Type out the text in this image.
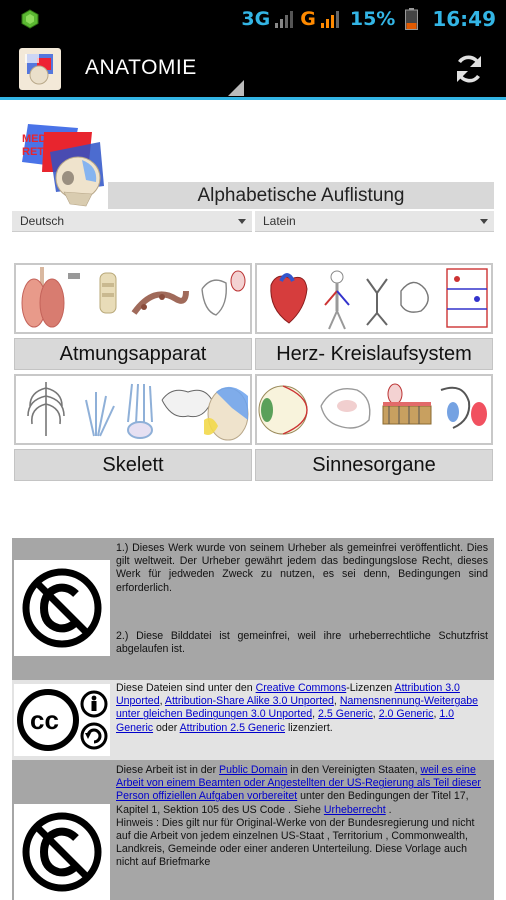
3G G 15% 16:49
ANATOMIE
MED
RETT
Alphabetische Auflistung
Deutsch	Latein
Atmungsapparat	Herz- Kreislaufsystem
Skelett	Sinnesorgane
1.) Dieses Werk wurde von seinem Urheber als gemeinfrei veröffentlicht. Dies gilt weltweit. Der Urheber gewährt jedem das bedingungslose Recht, dieses Werk für jedweden Zweck zu nutzen, es sei denn, Bedingungen sind erforderlich.
2.) Diese Bilddatei ist gemeinfrei, weil ihre urheberrechtliche Schutzfrist abgelaufen ist.
cc
Diese Dateien sind unter den Creative Commons-Lizenzen Attribution 3.0 Unported, Attribution-Share Alike 3.0 Unported, Namensnennung-Weitergabe unter gleichen Bedingungen 3.0 Unported, 2.5 Generic, 2.0 Generic, 1.0 Generic oder Attribution 2.5 Generic lizenziert.
Diese Arbeit ist in der Public Domain in den Vereinigten Staaten, weil es eine Arbeit von einem Beamten oder Angestellten der US-Regierung als Teil dieser Person offiziellen Aufgaben vorbereitet unter den Bedingungen der Titel 17, Kapitel 1, Sektion 105 des US Code . Siehe Urheberrecht .
Hinweis : Dies gilt nur für Original-Werke von der Bundesregierung und nicht auf die Arbeit von jedem einzelnen US-Staat , Territorium , Commonwealth, Landkreis, Gemeinde oder einer anderen Unterteilung. Diese Vorlage auch nicht auf Briefmarke
